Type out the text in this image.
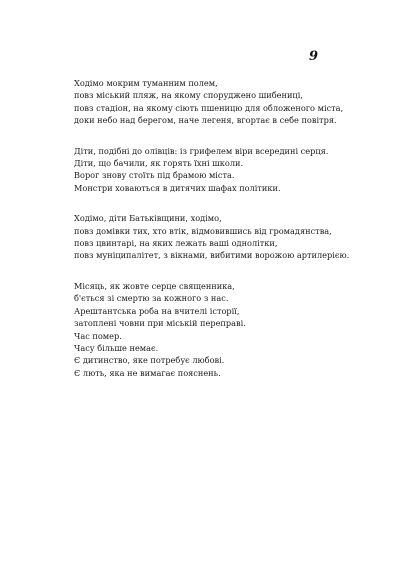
9
Ходімо мокрим туманним полем,
повз міський пляж, на якому споруджено шибениці,
повз стадіон, на якому сіють пшеницю для обложеного міста,
доки небо над берегом, наче легеня, вгортає в себе повітря.
Діти, подібні до олівців: із грифелем віри всередині серця.
Діти, що бачили, як горять їхні школи.
Ворог знову стоїть під брамою міста.
Монстри ховаються в дитячих шафах політики.
Ходімо, діти Батьківщини, ходімо,
повз домівки тих, хто втік, відмовившись від громадянства,
повз цвинтарі, на яких лежать ваші однолітки,
повз муніципалітет, з вікнами, вибитими ворожою артилерією.
Місяць, як жовте серце священника,
б'ється зі смертю за кожного з нас.
Арештантська роба на вчителі історії,
затоплені човни при міській переправі.
Час помер.
Часу більше немає.
Є дитинство, яке потребує любові.
Є лють, яка не вимагає пояснень.
